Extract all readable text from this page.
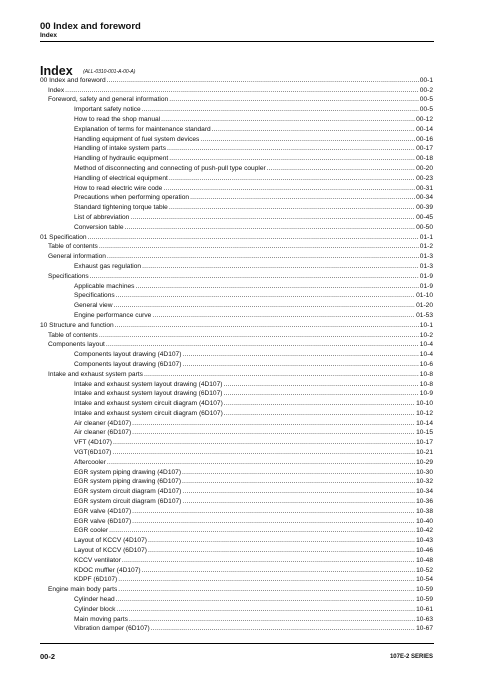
00 Index and foreword
Index
Index (ALL-0310-001-A-00-A)
00 Index and foreword .....	00-1
Index .....	00-2
Foreword, safety and general information .....	00-5
Important safety notice .....	00-5
How to read the shop manual .....	00-12
Explanation of terms for maintenance standard .....	00-14
Handling equipment of fuel system devices .....	00-16
Handling of intake system parts .....	00-17
Handling of hydraulic equipment .....	00-18
Method of disconnecting and connecting of push-pull type coupler .....	00-20
Handling of electrical equipment .....	00-23
How to read electric wire code .....	00-31
Precautions when performing operation .....	00-34
Standard tightening torque table .....	00-39
List of abbreviation .....	00-45
Conversion table .....	00-50
01 Specification .....	01-1
Table of contents .....	01-2
General information .....	01-3
Exhaust gas regulation .....	01-3
Specifications .....	01-9
Applicable machines .....	01-9
Specifications .....	01-10
General view .....	01-20
Engine performance curve .....	01-53
10 Structure and function .....	10-1
Table of contents .....	10-2
Components layout .....	10-4
Components layout drawing (4D107) .....	10-4
Components layout drawing (6D107) .....	10-6
Intake and exhaust system parts .....	10-8
Intake and exhaust system layout drawing (4D107) .....	10-8
Intake and exhaust system layout drawing (6D107) .....	10-9
Intake and exhaust system circuit diagram (4D107) .....	10-10
Intake and exhaust system circuit diagram (6D107) .....	10-12
Air cleaner (4D107) .....	10-14
Air cleaner (6D107) .....	10-15
VFT (4D107) .....	10-17
VGT(6D107) .....	10-21
Aftercooler .....	10-29
EGR system piping drawing (4D107) .....	10-30
EGR system piping drawing (6D107) .....	10-32
EGR system circuit diagram (4D107) .....	10-34
EGR system circuit diagram (6D107) .....	10-36
EGR valve (4D107) .....	10-38
EGR valve (6D107) .....	10-40
EGR cooler .....	10-42
Layout of KCCV (4D107) .....	10-43
Layout of KCCV (6D107) .....	10-46
KCCV ventilator .....	10-48
KDOC muffler (4D107) .....	10-52
KDPF (6D107) .....	10-54
Engine main body parts .....	10-59
Cylinder head .....	10-59
Cylinder block .....	10-61
Main moving parts .....	10-63
Vibration damper (6D107) .....	10-67
00-2	107E-2 SERIES
